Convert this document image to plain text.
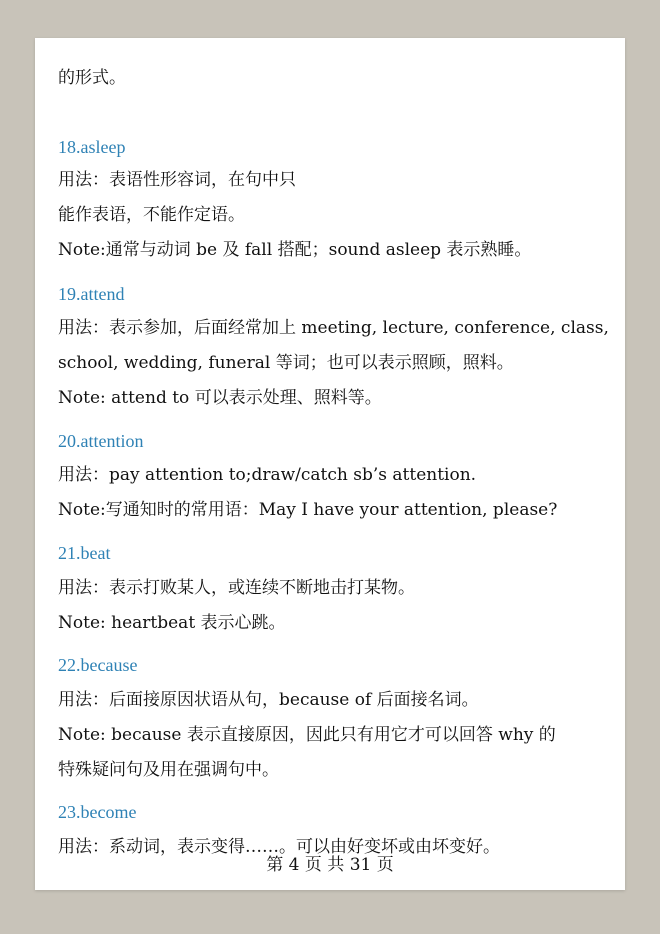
的形式。

18.asleep

用法：表语性形容词，在句中只

能作表语，不能作定语。

Note:通常与动词 be 及 fall 搭配；sound asleep 表示熟睡。

19.attend

用法：表示参加，后面经常加上 meeting, lecture, conference, class,

school, wedding, funeral 等词；也可以表示照顾，照料。

Note: attend to 可以表示处理、照料等。

20.attention

用法：pay attention to;draw/catch sb’s attention.

Note:写通知时的常用语：May I have your attention, please?

21.beat

用法：表示打败某人，或连续不断地击打某物。

Note: heartbeat 表示心跳。

22.because

用法：后面接原因状语从句，because of 后面接名词。

Note: because 表示直接原因，因此只有用它才可以回答 why 的

特殊疑问句及用在强调句中。

23.become

用法：系动词，表示变得……。可以由好变坏或由坏变好。

第 4 页 共 31 页
